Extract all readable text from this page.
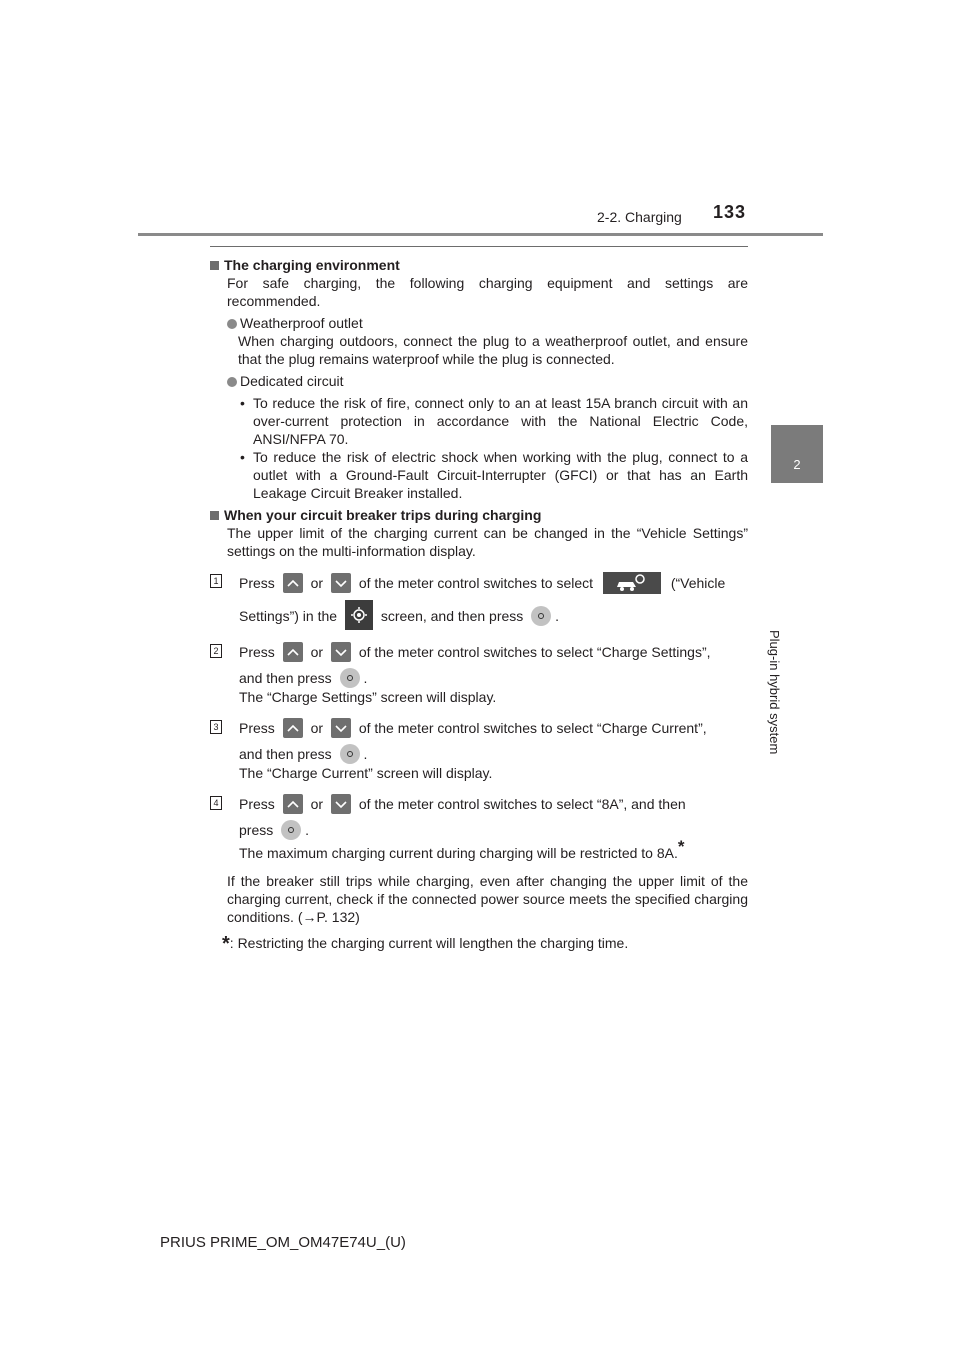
2-2. Charging 133
2
Plug-in hybrid system
The charging environment
For safe charging, the following charging equipment and settings are recommended.
Weatherproof outlet
When charging outdoors, connect the plug to a weatherproof outlet, and ensure that the plug remains waterproof while the plug is connected.
Dedicated circuit
• To reduce the risk of fire, connect only to an at least 15A branch circuit with an over-current protection in accordance with the National Electric Code, ANSI/NFPA 70.
• To reduce the risk of electric shock when working with the plug, connect to a outlet with a Ground-Fault Circuit-Interrupter (GFCI) or that has an Earth Leakage Circuit Breaker installed.
When your circuit breaker trips during charging
The upper limit of the charging current can be changed in the “Vehicle Settings” settings on the multi-information display.
1 Press	or	of the meter control switches to select	(“Vehicle
Settings”) in the	screen, and then press .
2 Press	or	of the meter control switches to select “Charge Settings”,
and then press .
The “Charge Settings” screen will display.
3 Press	or	of the meter control switches to select “Charge Current”,
and then press .
The “Charge Current” screen will display.
4 Press	or	of the meter control switches to select “8A”, and then
press .
The maximum charging current during charging will be restricted to 8A.*
If the breaker still trips while charging, even after changing the upper limit of the charging current, check if the connected power source meets the specified charging conditions. (→P. 132)
*: Restricting the charging current will lengthen the charging time.
PRIUS PRIME_OM_OM47E74U_(U)
